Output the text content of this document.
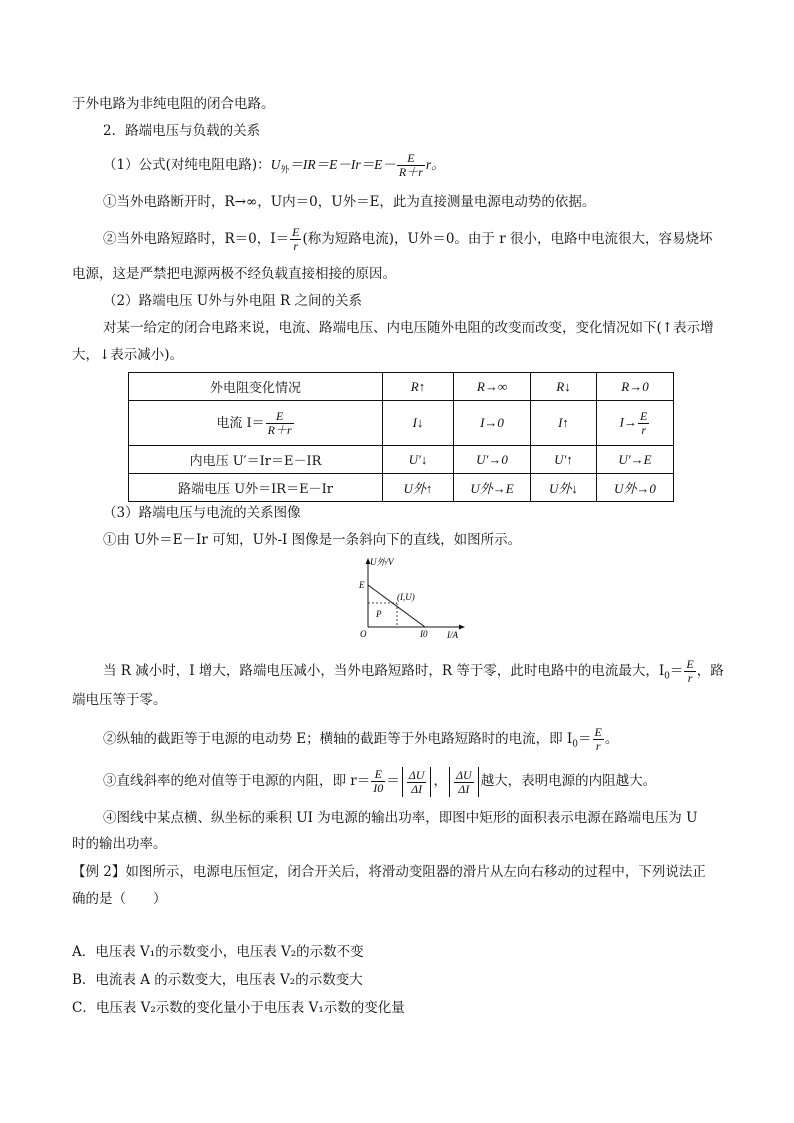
于外电路为非纯电阻的闭合电路。
2．路端电压与负载的关系
（1）公式(对纯电阻电路)：$U_外=IR=E-Ir=E- \frac{E}{R+r}$ r。
①当外电路断开时，R→∞，U内＝0，U外＝E，此为直接测量电源电动势的依据。
②当外电路短路时，R＝0，$I= \frac{E}{r}$ (称为短路电流)，U外＝0。由于 r 很小，电路中电流很大，容易烧坏
电源，这是严禁把电源两极不经负载直接相接的原因。
（2）路端电压 U外与外电阻 R 之间的关系
对某一给定的闭合电路来说，电流、路端电压、内电压随外电阻的改变而改变，变化情况如下(↑表示增
大，↓表示减小)。
外电阻变化情况	R↑	R→∞	R↓	R→0
电流 $I= \frac{E}{R+r}$	I↓	I→0	I↑	$I\to \frac{E}{r}$

内电压 U′＝Ir＝E－IR	U′↓	U′→0	U′↑	U′→E
路端电压 U外＝IR＝E－Ir	U外↑	U外→E	U外↓	U外→0
（3）路端电压与电流的关系图像
①由 U外＝E－Ir 可知，U外-I 图像是一条斜向下的直线，如图所示。
U外/V
I/A
O
E
I0
(I,U)
P
当 R 减小时，I 增大，路端电压减小，当外电路短路时，R 等于零，此时电路中的电流最大，$I_0= \frac{E}{r}$ ，路
端电压等于零。
②纵轴的截距等于电源的电动势 E；横轴的截距等于外电路短路时的电流，即 $I_0= \frac{E}{r}$ 。
③直线斜率的绝对值等于电源的内阻，即 $r= \frac{E}{I0} = \frac{\Delta U}{\Delta I}$ ， $\frac{\Delta U}{\Delta I}$ 越大，表明电源的内阻越大。
④图线中某点横、纵坐标的乘积 UI 为电源的输出功率，即图中矩形的面积表示电源在路端电压为 U
时的输出功率。
【例 2】如图所示，电源电压恒定，闭合开关后，将滑动变阻器的滑片从左向右移动的过程中，下列说法正
确的是（　　）
A．电压表 V₁的示数变小，电压表 V₂的示数不变
B．电流表 A 的示数变大，电压表 V₂的示数变大
C．电压表 V₂示数的变化量小于电压表 V₁示数的变化量
